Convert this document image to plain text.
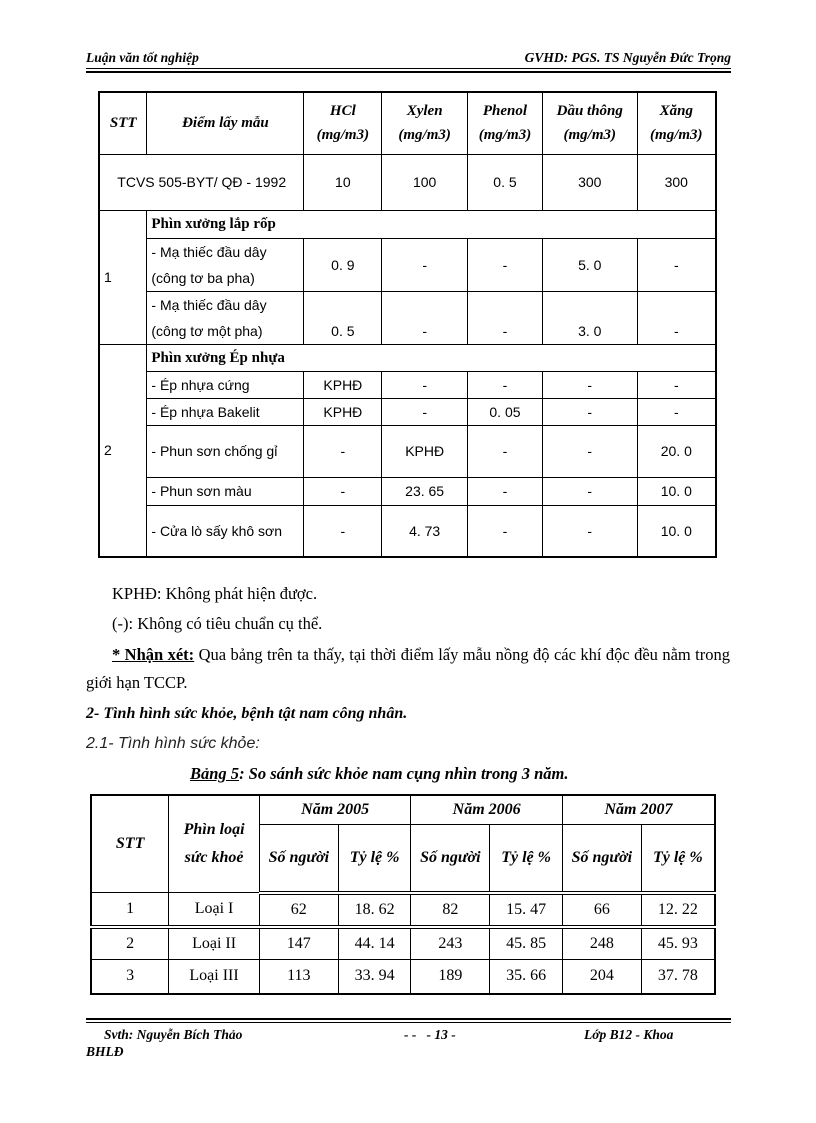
Luận văn tốt nghiệp	GVHD: PGS. TS Nguyễn Đức Trọng
STT	Điểm lấy mẫu	HCl (mg/m3)	Xylen (mg/m3)	Phenol (mg/m3)	Dầu thông (mg/m3)	Xăng (mg/m3)
TCVS 505-BYT/ QĐ - 1992		10	100	0. 5	300	300
1	Phìn xưởng lắp rốp					
	- Mạ thiếc đầu dây (công tơ ba pha)	0. 9	-	-	5. 0	-
	- Mạ thiếc đầu dây (công tơ một pha)	0. 5	-	-	3. 0	-
2	Phìn xưởng Ép nhựa					
	- Ép nhựa cứng	KPHĐ	-	-	-	-
	- Ép nhựa Bakelit	KPHĐ	-	0. 05	-	-
	- Phun sơn chống gỉ	-	KPHĐ	-	-	20. 0
	- Phun sơn màu	-	23. 65	-	-	10. 0
	- Cửa lò sấy khô sơn	-	4. 73	-	-	10. 0
KPHĐ: Không phát hiện được.
(-): Không có tiêu chuẩn cụ thể.
* Nhận xét: Qua bảng trên ta thấy, tại thời điểm lấy mẫu nồng độ các khí độc đều nằm trong giới hạn TCCP.
2- Tình hình sức khỏe, bệnh tật nam công nhân.
2.1- Tình hình sức khỏe:
Bảng 5: So sánh sức khỏe nam cụng nhìn trong 3 năm.
STT	Phìn loại sức khoẻ	Năm 2005		Năm 2006		Năm 2007	
		Số người	Tỷ lệ %	Số người	Tỷ lệ %	Số người	Tỷ lệ %
1	Loại I	62	18. 62	82	15. 47	66	12. 22
2	Loại II	147	44. 14	243	45. 85	248	45. 93
3	Loại III	113	33. 94	189	35. 66	204	37. 78
Svth: Nguyễn Bích Thảo
BHLĐ
- -   - 13 -	Lớp B12 - Khoa
